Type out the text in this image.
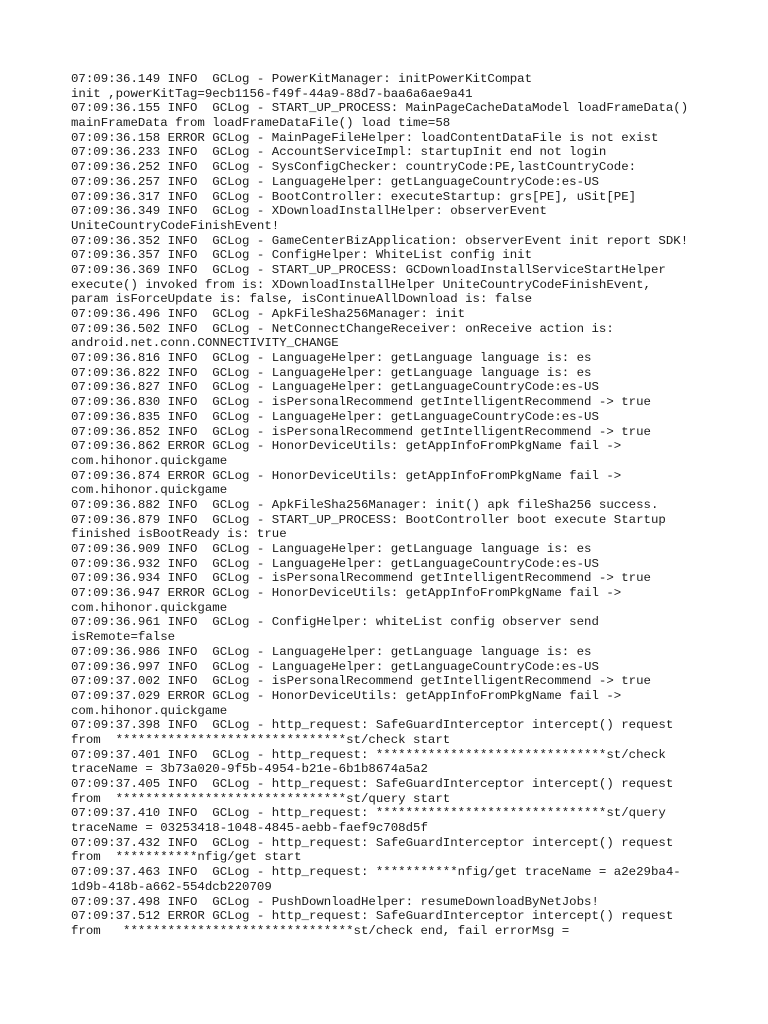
07:09:36.149 INFO  GCLog - PowerKitManager: initPowerKitCompat
init ,powerKitTag=9ecb1156-f49f-44a9-88d7-baa6a6ae9a41
07:09:36.155 INFO  GCLog - START_UP_PROCESS: MainPageCacheDataModel loadFrameData()
mainFrameData from loadFrameDataFile() load time=58
07:09:36.158 ERROR GCLog - MainPageFileHelper: loadContentDataFile is not exist
07:09:36.233 INFO  GCLog - AccountServiceImpl: startupInit end not login
07:09:36.252 INFO  GCLog - SysConfigChecker: countryCode:PE,lastCountryCode:
07:09:36.257 INFO  GCLog - LanguageHelper: getLanguageCountryCode:es-US
07:09:36.317 INFO  GCLog - BootController: executeStartup: grs[PE], uSit[PE]
07:09:36.349 INFO  GCLog - XDownloadInstallHelper: observerEvent
UniteCountryCodeFinishEvent!
07:09:36.352 INFO  GCLog - GameCenterBizApplication: observerEvent init report SDK!
07:09:36.357 INFO  GCLog - ConfigHelper: WhiteList config init
07:09:36.369 INFO  GCLog - START_UP_PROCESS: GCDownloadInstallServiceStartHelper
execute() invoked from is: XDownloadInstallHelper UniteCountryCodeFinishEvent,
param isForceUpdate is: false, isContinueAllDownload is: false
07:09:36.496 INFO  GCLog - ApkFileSha256Manager: init
07:09:36.502 INFO  GCLog - NetConnectChangeReceiver: onReceive action is:
android.net.conn.CONNECTIVITY_CHANGE
07:09:36.816 INFO  GCLog - LanguageHelper: getLanguage language is: es
07:09:36.822 INFO  GCLog - LanguageHelper: getLanguage language is: es
07:09:36.827 INFO  GCLog - LanguageHelper: getLanguageCountryCode:es-US
07:09:36.830 INFO  GCLog - isPersonalRecommend getIntelligentRecommend -> true
07:09:36.835 INFO  GCLog - LanguageHelper: getLanguageCountryCode:es-US
07:09:36.852 INFO  GCLog - isPersonalRecommend getIntelligentRecommend -> true
07:09:36.862 ERROR GCLog - HonorDeviceUtils: getAppInfoFromPkgName fail ->
com.hihonor.quickgame
07:09:36.874 ERROR GCLog - HonorDeviceUtils: getAppInfoFromPkgName fail ->
com.hihonor.quickgame
07:09:36.882 INFO  GCLog - ApkFileSha256Manager: init() apk fileSha256 success.
07:09:36.879 INFO  GCLog - START_UP_PROCESS: BootController boot execute Startup
finished isBootReady is: true
07:09:36.909 INFO  GCLog - LanguageHelper: getLanguage language is: es
07:09:36.932 INFO  GCLog - LanguageHelper: getLanguageCountryCode:es-US
07:09:36.934 INFO  GCLog - isPersonalRecommend getIntelligentRecommend -> true
07:09:36.947 ERROR GCLog - HonorDeviceUtils: getAppInfoFromPkgName fail ->
com.hihonor.quickgame
07:09:36.961 INFO  GCLog - ConfigHelper: whiteList config observer send
isRemote=false
07:09:36.986 INFO  GCLog - LanguageHelper: getLanguage language is: es
07:09:36.997 INFO  GCLog - LanguageHelper: getLanguageCountryCode:es-US
07:09:37.002 INFO  GCLog - isPersonalRecommend getIntelligentRecommend -> true
07:09:37.029 ERROR GCLog - HonorDeviceUtils: getAppInfoFromPkgName fail ->
com.hihonor.quickgame
07:09:37.398 INFO  GCLog - http_request: SafeGuardInterceptor intercept() request
from  *******************************st/check start
07:09:37.401 INFO  GCLog - http_request: *******************************st/check
traceName = 3b73a020-9f5b-4954-b21e-6b1b8674a5a2
07:09:37.405 INFO  GCLog - http_request: SafeGuardInterceptor intercept() request
from  *******************************st/query start
07:09:37.410 INFO  GCLog - http_request: *******************************st/query
traceName = 03253418-1048-4845-aebb-faef9c708d5f
07:09:37.432 INFO  GCLog - http_request: SafeGuardInterceptor intercept() request
from  ***********nfig/get start
07:09:37.463 INFO  GCLog - http_request: ***********nfig/get traceName = a2e29ba4-
1d9b-418b-a662-554dcb220709
07:09:37.498 INFO  GCLog - PushDownloadHelper: resumeDownloadByNetJobs!
07:09:37.512 ERROR GCLog - http_request: SafeGuardInterceptor intercept() request
from   *******************************st/check end, fail errorMsg =
